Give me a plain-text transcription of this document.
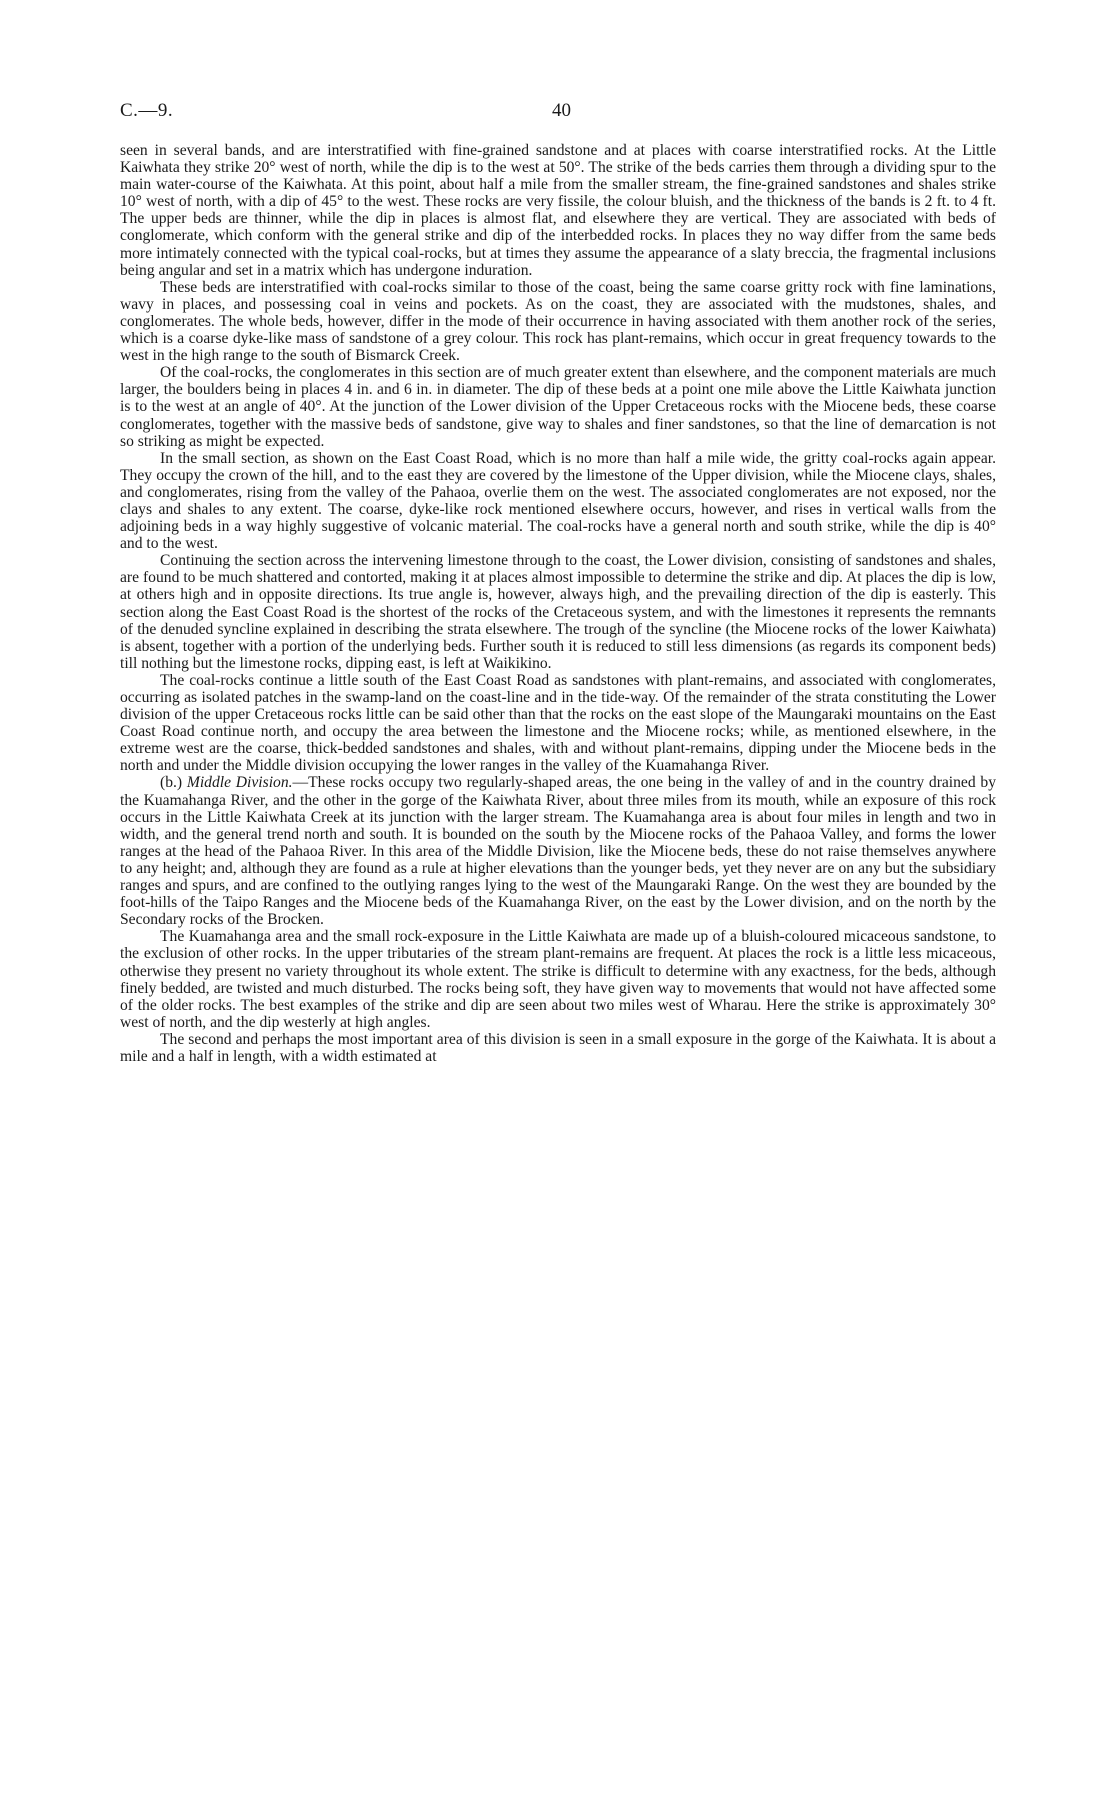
C.—9.	40

seen in several bands, and are interstratified with fine-grained sandstone and at places with coarse interstratified rocks. At the Little Kaiwhata they strike 20° west of north, while the dip is to the west at 50°. The strike of the beds carries them through a dividing spur to the main water-course of the Kaiwhata. At this point, about half a mile from the smaller stream, the fine-grained sandstones and shales strike 10° west of north, with a dip of 45° to the west. These rocks are very fissile, the colour bluish, and the thickness of the bands is 2 ft. to 4 ft. The upper beds are thinner, while the dip in places is almost flat, and elsewhere they are vertical. They are associated with beds of conglomerate, which conform with the general strike and dip of the interbedded rocks. In places they no way differ from the same beds more intimately connected with the typical coal-rocks, but at times they assume the appearance of a slaty breccia, the fragmental inclusions being angular and set in a matrix which has undergone induration.

These beds are interstratified with coal-rocks similar to those of the coast, being the same coarse gritty rock with fine laminations, wavy in places, and possessing coal in veins and pockets. As on the coast, they are associated with the mudstones, shales, and conglomerates. The whole beds, however, differ in the mode of their occurrence in having associated with them another rock of the series, which is a coarse dyke-like mass of sandstone of a grey colour. This rock has plant-remains, which occur in great frequency towards to the west in the high range to the south of Bismarck Creek.

Of the coal-rocks, the conglomerates in this section are of much greater extent than elsewhere, and the component materials are much larger, the boulders being in places 4 in. and 6 in. in diameter. The dip of these beds at a point one mile above the Little Kaiwhata junction is to the west at an angle of 40°. At the junction of the Lower division of the Upper Cretaceous rocks with the Miocene beds, these coarse conglomerates, together with the massive beds of sandstone, give way to shales and finer sandstones, so that the line of demarcation is not so striking as might be expected.

In the small section, as shown on the East Coast Road, which is no more than half a mile wide, the gritty coal-rocks again appear. They occupy the crown of the hill, and to the east they are covered by the limestone of the Upper division, while the Miocene clays, shales, and conglomerates, rising from the valley of the Pahaoa, overlie them on the west. The associated conglomerates are not exposed, nor the clays and shales to any extent. The coarse, dyke-like rock mentioned elsewhere occurs, however, and rises in vertical walls from the adjoining beds in a way highly suggestive of volcanic material. The coal-rocks have a general north and south strike, while the dip is 40° and to the west.

Continuing the section across the intervening limestone through to the coast, the Lower division, consisting of sandstones and shales, are found to be much shattered and contorted, making it at places almost impossible to determine the strike and dip. At places the dip is low, at others high and in opposite directions. Its true angle is, however, always high, and the prevailing direction of the dip is easterly. This section along the East Coast Road is the shortest of the rocks of the Cretaceous system, and with the limestones it represents the remnants of the denuded syncline explained in describing the strata elsewhere. The trough of the syncline (the Miocene rocks of the lower Kaiwhata) is absent, together with a portion of the underlying beds. Further south it is reduced to still less dimensions (as regards its component beds) till nothing but the limestone rocks, dipping east, is left at Waikikino.

The coal-rocks continue a little south of the East Coast Road as sandstones with plant-remains, and associated with conglomerates, occurring as isolated patches in the swamp-land on the coast-line and in the tide-way. Of the remainder of the strata constituting the Lower division of the upper Cretaceous rocks little can be said other than that the rocks on the east slope of the Maungaraki mountains on the East Coast Road continue north, and occupy the area between the limestone and the Miocene rocks; while, as mentioned elsewhere, in the extreme west are the coarse, thick-bedded sandstones and shales, with and without plant-remains, dipping under the Miocene beds in the north and under the Middle division occupying the lower ranges in the valley of the Kuamahanga River.

(b.) Middle Division.—These rocks occupy two regularly-shaped areas, the one being in the valley of and in the country drained by the Kuamahanga River, and the other in the gorge of the Kaiwhata River, about three miles from its mouth, while an exposure of this rock occurs in the Little Kaiwhata Creek at its junction with the larger stream. The Kuamahanga area is about four miles in length and two in width, and the general trend north and south. It is bounded on the south by the Miocene rocks of the Pahaoa Valley, and forms the lower ranges at the head of the Pahaoa River. In this area of the Middle Division, like the Miocene beds, these do not raise themselves anywhere to any height; and, although they are found as a rule at higher elevations than the younger beds, yet they never are on any but the subsidiary ranges and spurs, and are confined to the outlying ranges lying to the west of the Maungaraki Range. On the west they are bounded by the foot-hills of the Taipo Ranges and the Miocene beds of the Kuamahanga River, on the east by the Lower division, and on the north by the Secondary rocks of the Brocken.

The Kuamahanga area and the small rock-exposure in the Little Kaiwhata are made up of a bluish-coloured micaceous sandstone, to the exclusion of other rocks. In the upper tributaries of the stream plant-remains are frequent. At places the rock is a little less micaceous, otherwise they present no variety throughout its whole extent. The strike is difficult to determine with any exactness, for the beds, although finely bedded, are twisted and much disturbed. The rocks being soft, they have given way to movements that would not have affected some of the older rocks. The best examples of the strike and dip are seen about two miles west of Wharau. Here the strike is approximately 30° west of north, and the dip westerly at high angles.

The second and perhaps the most important area of this division is seen in a small exposure in the gorge of the Kaiwhata. It is about a mile and a half in length, with a width estimated at
